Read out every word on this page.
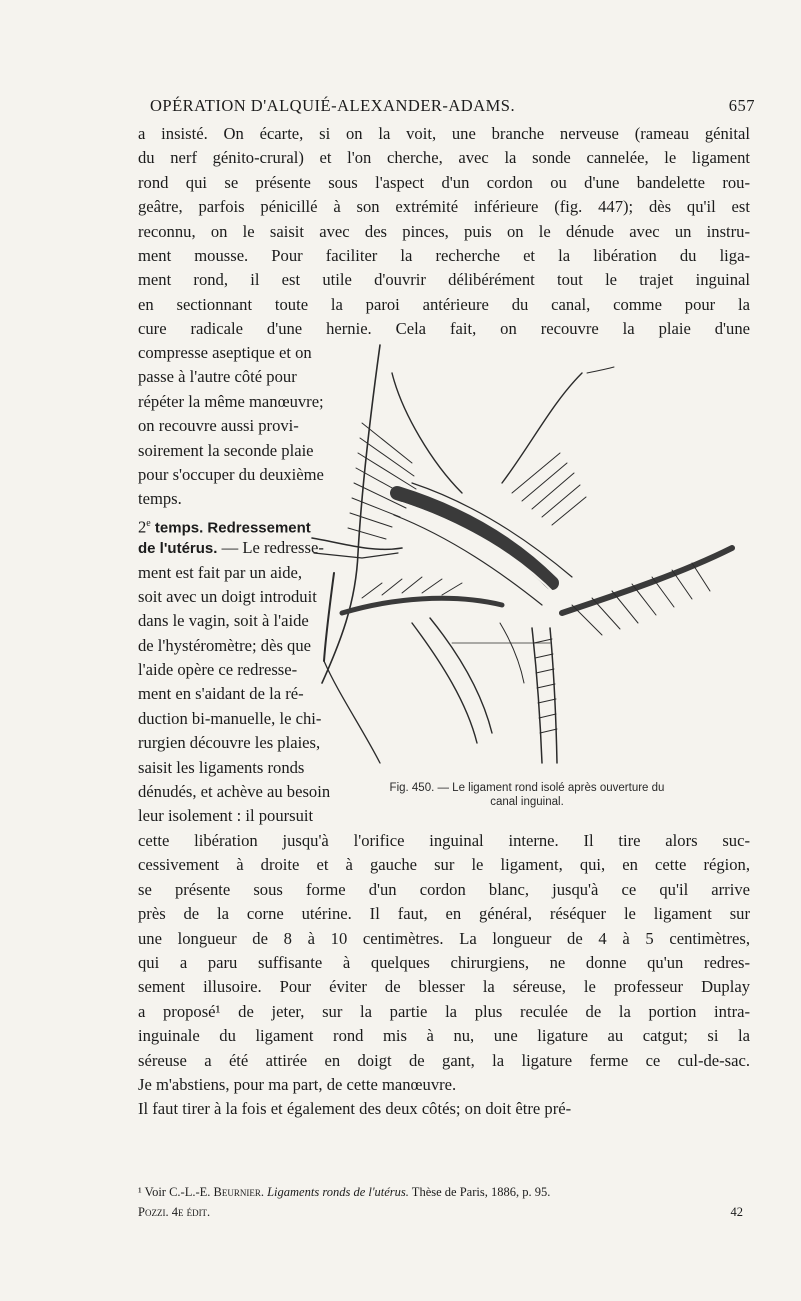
OPÉRATION D'ALQUIÉ-ALEXANDER-ADAMS.	657
a insisté. On écarte, si on la voit, une branche nerveuse (rameau génital
du nerf génito-crural) et l'on cherche, avec la sonde cannelée, le ligament
rond qui se présente sous l'aspect d'un cordon ou d'une bandelette rou-
geâtre, parfois pénicillé à son extrémité inférieure (fig. 447); dès qu'il est
reconnu, on le saisit avec des pinces, puis on le dénude avec un instru-
ment mousse. Pour faciliter la recherche et la libération du liga-
ment rond, il est utile d'ouvrir délibérément tout le trajet inguinal
en sectionnant toute la paroi antérieure du canal, comme pour la
cure radicale d'une hernie. Cela fait, on recouvre la plaie d'une
compresse aseptique et on
passe à l'autre côté pour
répéter la même manœuvre;
on recouvre aussi provi-
soirement la seconde plaie
pour s'occuper du deuxième
temps.
2e temps. Redressement
de l'utérus. — Le redresse-
ment est fait par un aide,
soit avec un doigt introduit
dans le vagin, soit à l'aide
de l'hystéromètre; dès que
l'aide opère ce redresse-
ment en s'aidant de la ré-
duction bi-manuelle, le chi-
rurgien découvre les plaies,
saisit les ligaments ronds
dénudés, et achève au besoin
leur isolement : il poursuit
Fig. 450. — Le ligament rond isolé après ouverture du
canal inguinal.
cette libération jusqu'à l'orifice inguinal interne. Il tire alors suc-
cessivement à droite et à gauche sur le ligament, qui, en cette région,
se présente sous forme d'un cordon blanc, jusqu'à ce qu'il arrive
près de la corne utérine. Il faut, en général, réséquer le ligament sur
une longueur de 8 à 10 centimètres. La longueur de 4 à 5 centimètres,
qui a paru suffisante à quelques chirurgiens, ne donne qu'un redres-
sement illusoire. Pour éviter de blesser la séreuse, le professeur Duplay
a proposé¹ de jeter, sur la partie la plus reculée de la portion intra-
inguinale du ligament rond mis à nu, une ligature au catgut; si la
séreuse a été attirée en doigt de gant, la ligature ferme ce cul-de-sac.
Je m'abstiens, pour ma part, de cette manœuvre.
Il faut tirer à la fois et également des deux côtés; on doit être pré-
¹ Voir C.-L.-E. Beurnier. Ligaments ronds de l'utérus. Thèse de Paris, 1886, p. 95.
Pozzi. 4e édit.	42
